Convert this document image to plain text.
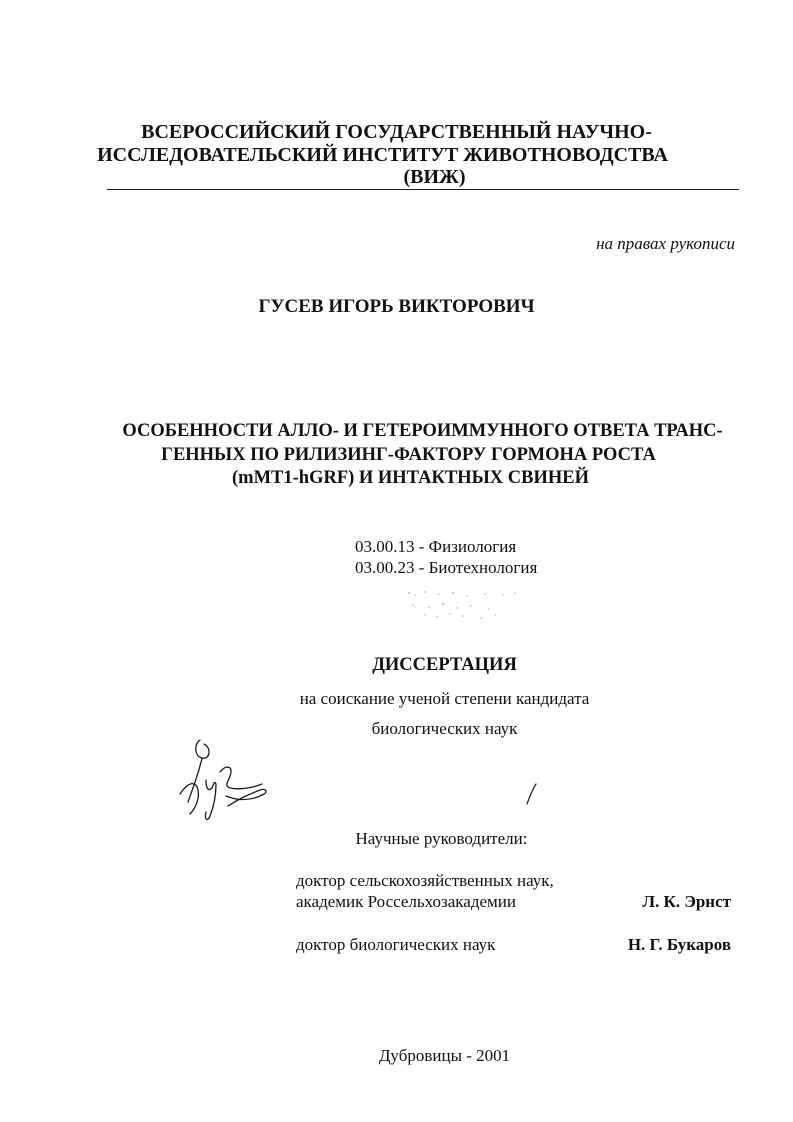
ВСЕРОССИЙСКИЙ ГОСУДАРСТВЕННЫЙ НАУЧНО-
ИССЛЕДОВАТЕЛЬСКИЙ ИНСТИТУТ ЖИВОТНОВОДСТВА
(ВИЖ)
на правах рукописи
ГУСЕВ ИГОРЬ ВИКТОРОВИЧ
ОСОБЕННОСТИ АЛЛО- И ГЕТЕРОИММУННОГО ОТВЕТА ТРАНС-
ГЕННЫХ ПО РИЛИЗИНГ-ФАКТОРУ ГОРМОНА РОСТА
(mMT1-hGRF) И ИНТАКТНЫХ СВИНЕЙ
03.00.13 - Физиология
03.00.23 - Биотехнология
ДИССЕРТАЦИЯ
на соискание ученой степени кандидата
биологических наук
Научные руководители:
доктор сельскохозяйственных наук,
академик Россельхозакадемии	Л. К. Эрнст
доктор биологических наук	Н. Г. Букаров
Дубровицы - 2001
